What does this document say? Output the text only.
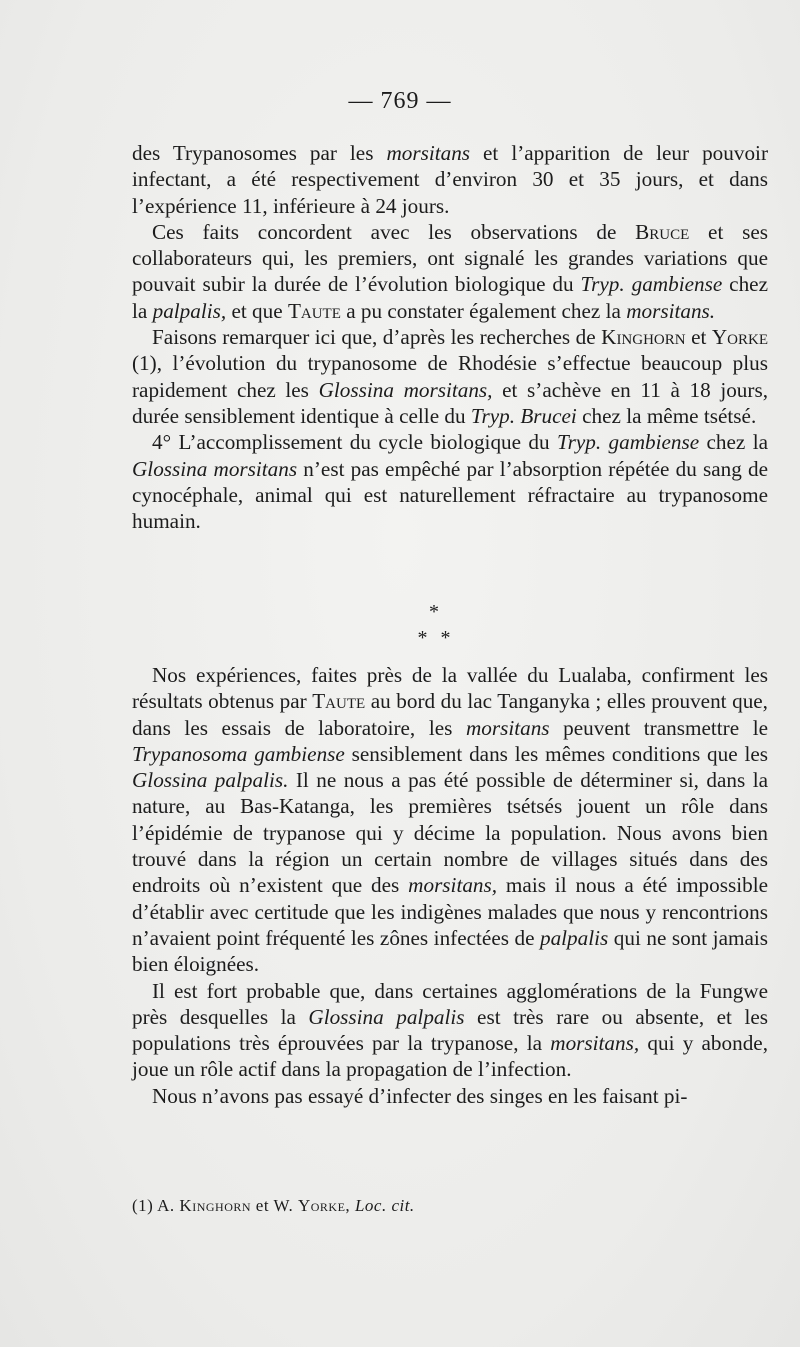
— 769 —

des Trypanosomes par les morsitans et l’apparition de leur pouvoir infectant, a été respectivement d’environ 30 et 35 jours, et dans l’expérience 11, inférieure à 24 jours.

Ces faits concordent avec les observations de Bruce et ses collaborateurs qui, les premiers, ont signalé les grandes variations que pouvait subir la durée de l’évolution biologique du Tryp. gambiense chez la palpalis, et que Taute a pu constater également chez la morsitans.

Faisons remarquer ici que, d’après les recherches de Kinghorn et Yorke (1), l’évolution du trypanosome de Rhodésie s’effectue beaucoup plus rapidement chez les Glossina morsitans, et s’achève en 11 à 18 jours, durée sensiblement identique à celle du Tryp. Brucei chez la même tsétsé.

4° L’accomplissement du cycle biologique du Tryp. gambiense chez la Glossina morsitans n’est pas empêché par l’absorption répétée du sang de cynocéphale, animal qui est naturellement réfractaire au trypanosome humain.

*
* *

Nos expériences, faites près de la vallée du Lualaba, confirment les résultats obtenus par Taute au bord du lac Tanganyka ; elles prouvent que, dans les essais de laboratoire, les morsitans peuvent transmettre le Trypanosoma gambiense sensiblement dans les mêmes conditions que les Glossina palpalis. Il ne nous a pas été possible de déterminer si, dans la nature, au Bas-Katanga, les premières tsétsés jouent un rôle dans l’épidémie de trypanose qui y décime la population. Nous avons bien trouvé dans la région un certain nombre de villages situés dans des endroits où n’existent que des morsitans, mais il nous a été impossible d’établir avec certitude que les indigènes malades que nous y rencontrions n’avaient point fréquenté les zônes infectées de palpalis qui ne sont jamais bien éloignées.

Il est fort probable que, dans certaines agglomérations de la Fungwe près desquelles la Glossina palpalis est très rare ou absente, et les populations très éprouvées par la trypanose, la morsitans, qui y abonde, joue un rôle actif dans la propagation de l’infection.

Nous n’avons pas essayé d’infecter des singes en les faisant pi-

(1) A. Kinghorn et W. Yorke, Loc. cit.
